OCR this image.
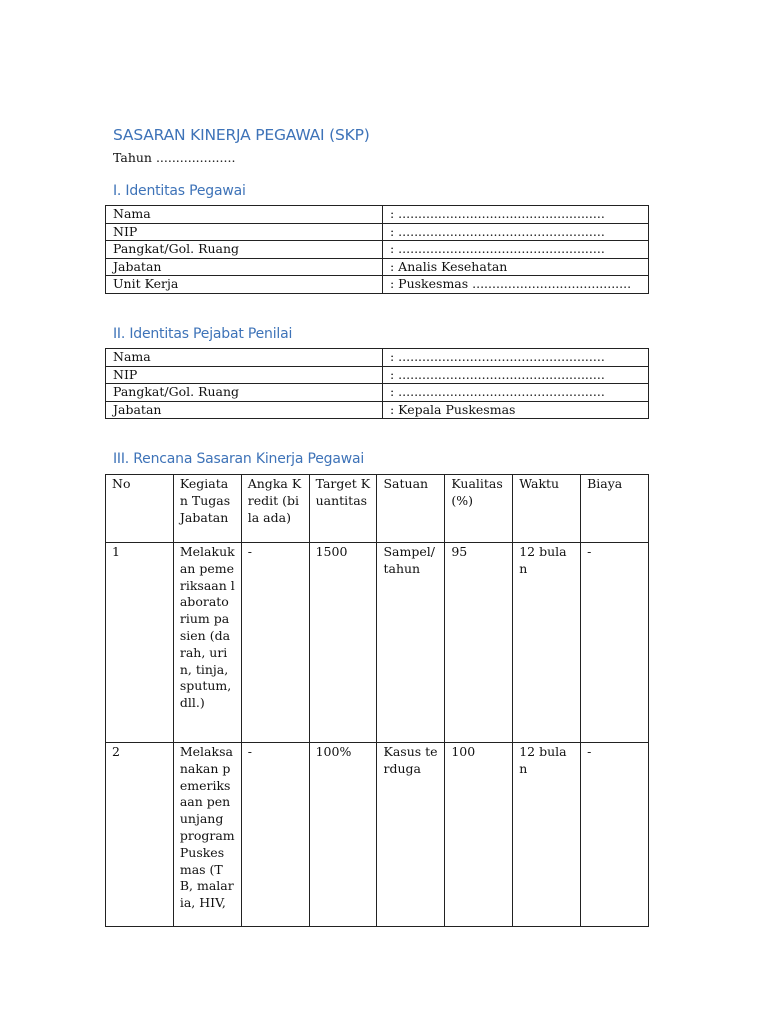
SASARAN KINERJA PEGAWAI (SKP)
Tahun ....................
I. Identitas Pegawai
Nama	: ....................................................
NIP	: ....................................................
Pangkat/Gol. Ruang	: ....................................................
Jabatan	: Analis Kesehatan
Unit Kerja	: Puskesmas ........................................
II. Identitas Pejabat Penilai
Nama	: ....................................................
NIP	: ....................................................
Pangkat/Gol. Ruang	: ....................................................
Jabatan	: Kepala Puskesmas
III. Rencana Sasaran Kinerja Pegawai
No	Kegiatan Tugas Jabatan	Angka Kredit (bila ada)	Target Kuantitas	Satuan	Kualitas (%)	Waktu	Biaya
1	Melakukan pemeriksaan laboratorium pasien (darah, urin, tinja, sputum, dll.)	-	1500	Sampel/ tahun	95	12 bulan	-
2	Melaksanakan pemeriksaan penunjang program Puskesmas (TB, malaria, HIV,	-	100%	Kasus terduga	100	12 bulan	-
